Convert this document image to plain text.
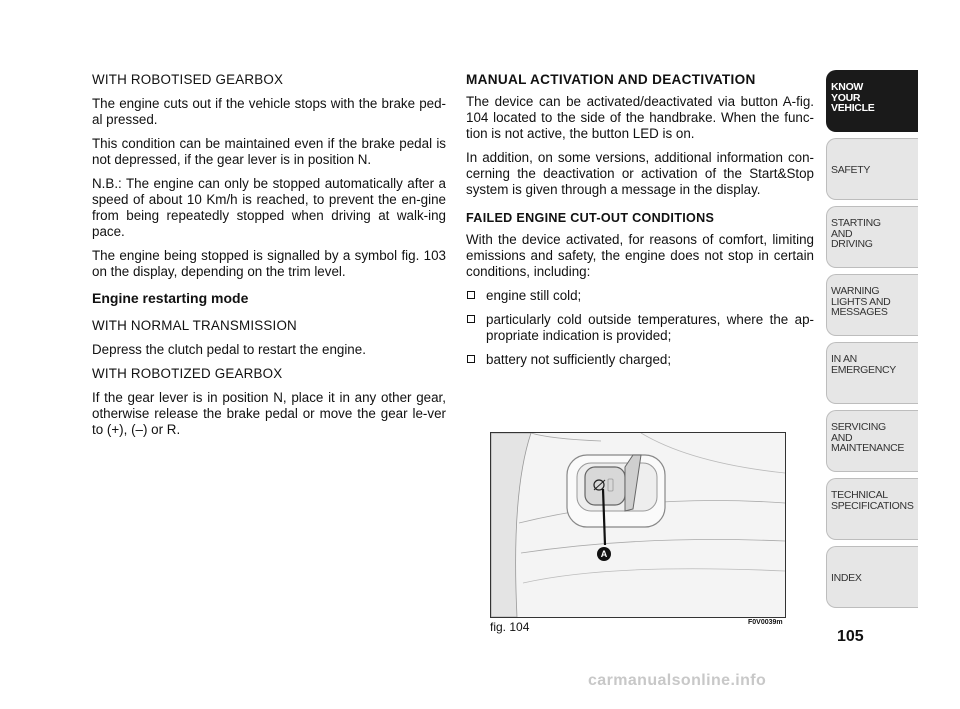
WITH ROBOTISED GEARBOX

The engine cuts out if the vehicle stops with the brake ped-al pressed.

This condition can be maintained even if the brake pedal is not depressed, if the gear lever is in position N.

N.B.: The engine can only be stopped automatically after a speed of about 10 Km/h is reached, to prevent the en-gine from being repeatedly stopped when driving at walk-ing pace.

The engine being stopped is signalled by a symbol fig. 103 on the display, depending on the trim level.

Engine restarting mode

WITH NORMAL TRANSMISSION

Depress the clutch pedal to restart the engine.

WITH ROBOTIZED GEARBOX

If the gear lever is in position N, place it in any other gear, otherwise release the brake pedal or move the gear le-ver to (+), (–) or R.

MANUAL ACTIVATION AND DEACTIVATION

The device can be activated/deactivated via button A-fig. 104 located to the side of the handbrake. When the func-tion is not active, the button LED is on.

In addition, on some versions, additional information con-cerning the deactivation or activation of the Start&Stop system is given through a message in the display.

FAILED ENGINE CUT-OUT CONDITIONS

With the device activated, for reasons of comfort, limiting emissions and safety, the engine does not stop in certain conditions, including:

engine still cold;
particularly cold outside temperatures, where the ap-propriate indication is provided;
battery not sufficiently charged;
A
fig. 104	F0V0039m
KNOW
YOUR
VEHICLE
SAFETY
STARTING
AND
DRIVING
WARNING
LIGHTS AND
MESSAGES
IN AN
EMERGENCY
SERVICING
AND
MAINTENANCE
TECHNICAL
SPECIFICATIONS
INDEX
105
carmanualsonline.info
